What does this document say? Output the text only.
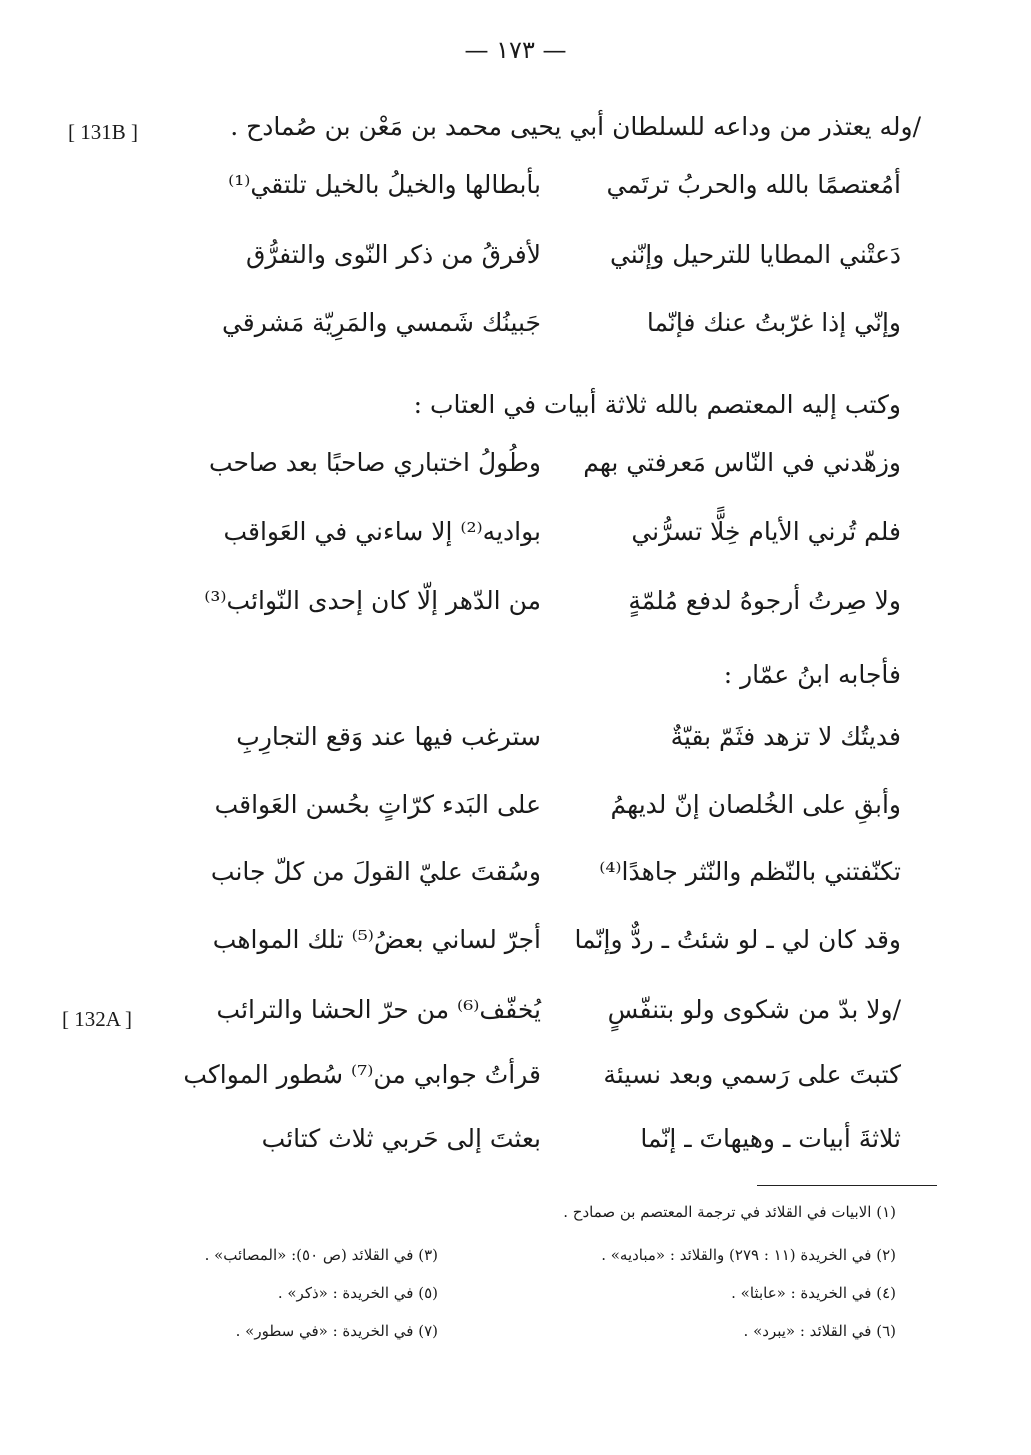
— ١٧٣ —
[ 131B ]
[ 132A ]
/وله يعتذر من وداعه للسلطان أبي يحيى محمد بن مَعْن بن صُمادح .
أمُعتصمًا بالله والحربُ ترتَمي
بأبطالها والخيلُ بالخيل تلتقي⁽¹⁾
دَعتْني المطايا للترحيل وإنّني
لأفرقُ من ذكر النّوى والتفرُّق
وإنّي إذا غرّبتُ عنك فإنّما
جَبينُك شَمسي والمَرِيّة مَشرقي
وكتب إليه المعتصم بالله ثلاثة أبيات في العتاب :
وزهّدني في النّاس مَعرفتي بهم
وطُولُ اختباري صاحبًا بعد صاحب
فلم تُرني الأيام خِلًّا تسرُّني
بواديه⁽²⁾ إلا ساءني في العَواقب
ولا صِرتُ أرجوهُ لدفع مُلمّةٍ
من الدّهر إلّا كان إحدى النّوائب⁽³⁾
فأجابه ابنُ عمّار :
فديتُك لا تزهد فثَمّ بقيّةٌ
سترغب فيها عند وَقع التجارِبِ
وأبقِ على الخُلصان إنّ لديهمُ
على البَدء كرّاتٍ بحُسن العَواقب
تكنّفتني بالنّظم والنّثر جاهدًا⁽⁴⁾
وسُقتَ عليّ القولَ من كلّ جانب
وقد كان لي ـ لو شئتُ ـ ردٌّ وإنّما
أجرّ لساني بعضُ⁽⁵⁾ تلك المواهب
/ولا بدّ من شكوى ولو بتنفّسٍ
يُخفّف⁽⁶⁾ من حرّ الحشا والترائب
كتبتَ على رَسمي وبعد نسيئة
قرأتُ جوابي من⁽⁷⁾ سُطور المواكب
ثلاثةَ أبيات ـ وهيهاتَ ـ إنّما
بعثتَ إلى حَربي ثلاث كتائب
(١) الابيات في القلائد في ترجمة المعتصم بن صمادح .
(٢) في الخريدة (١١ : ٢٧٩) والقلائد : «مباديه» .
(٣) في القلائد (ص ٥٠): «المصائب» .
(٤) في الخريدة : «عابثا» .
(٥) في الخريدة : «ذكر» .
(٦) في القلائد : «يبرد» .
(٧) في الخريدة : «في سطور» .
